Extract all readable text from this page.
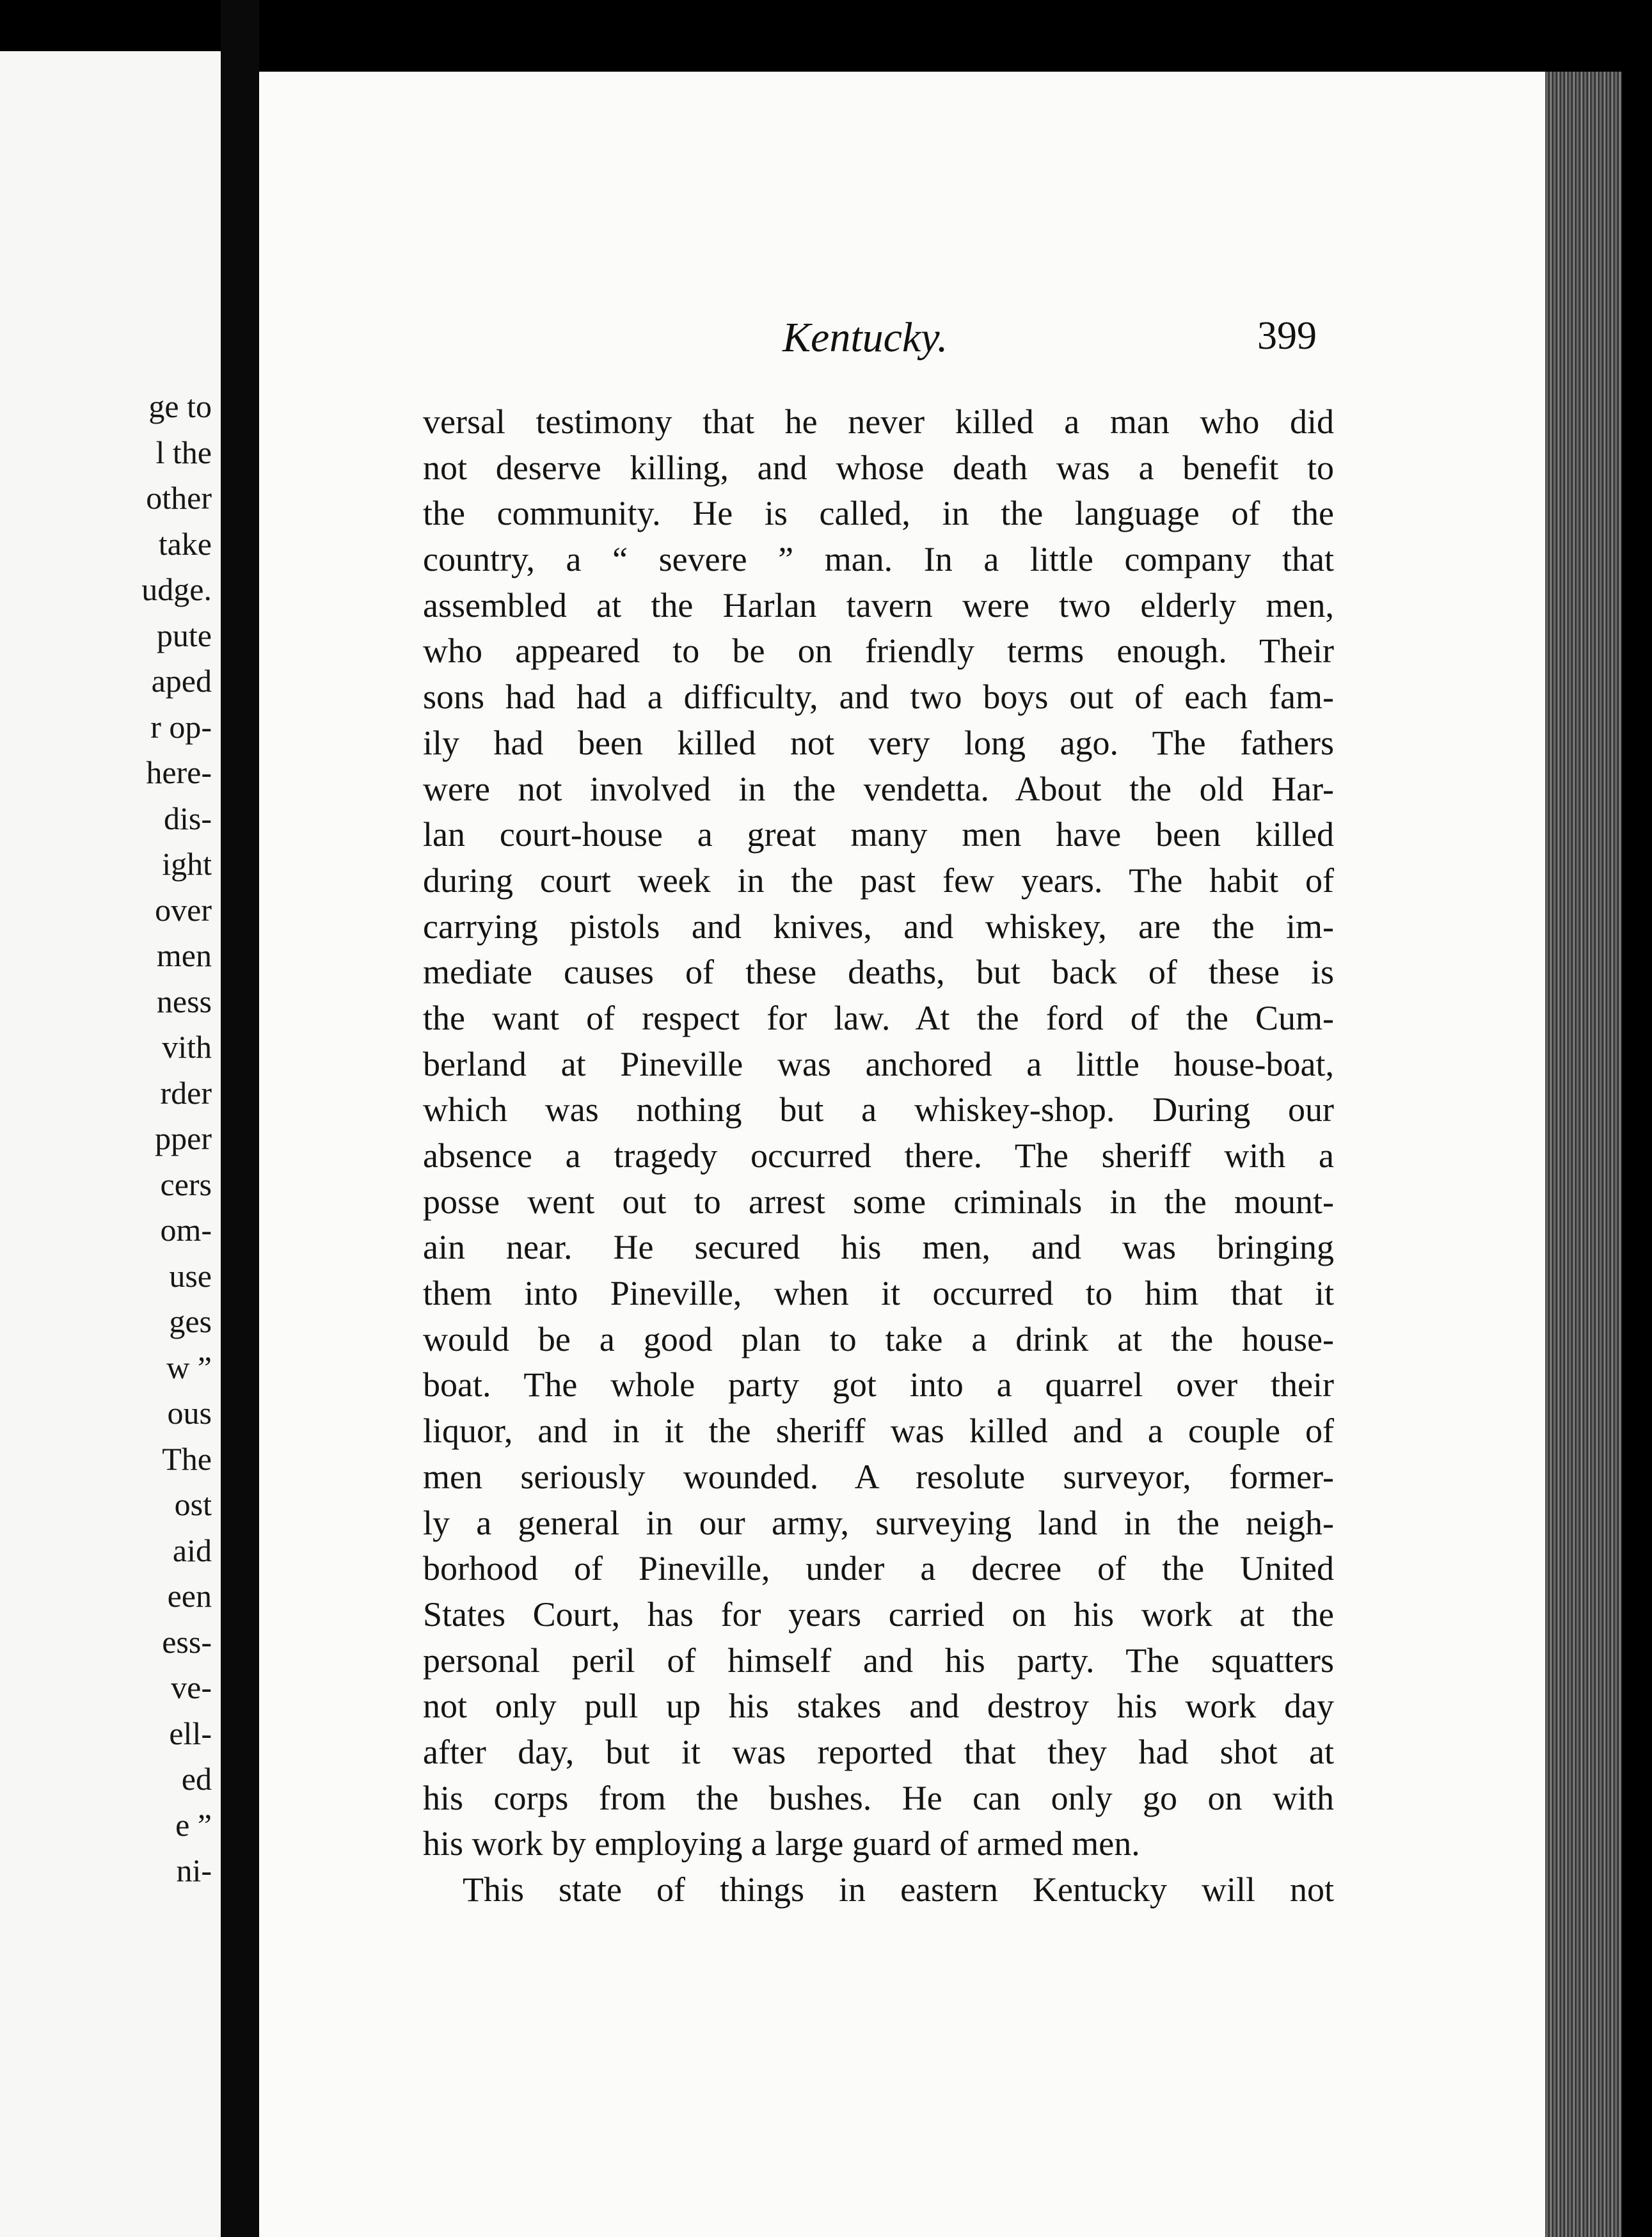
ge to
l the
other
take
udge.
pute
aped
r op-
here-
dis-
ight
over
men
ness
vith
rder
pper
cers
om-
use
ges
w ”
ous
The
ost
aid
een
ess-
ve-
ell-
ed
e ”
ni-
Kentucky.	399
versal testimony that he never killed a man who did
not deserve killing, and whose death was a benefit to
the community. He is called, in the language of the
country, a “ severe ” man. In a little company that
assembled at the Harlan tavern were two elderly men,
who appeared to be on friendly terms enough. Their
sons had had a difficulty, and two boys out of each fam-
ily had been killed not very long ago. The fathers
were not involved in the vendetta. About the old Har-
lan court-house a great many men have been killed
during court week in the past few years. The habit of
carrying pistols and knives, and whiskey, are the im-
mediate causes of these deaths, but back of these is
the want of respect for law. At the ford of the Cum-
berland at Pineville was anchored a little house-boat,
which was nothing but a whiskey-shop. During our
absence a tragedy occurred there. The sheriff with a
posse went out to arrest some criminals in the mount-
ain near. He secured his men, and was bringing
them into Pineville, when it occurred to him that it
would be a good plan to take a drink at the house-
boat. The whole party got into a quarrel over their
liquor, and in it the sheriff was killed and a couple of
men seriously wounded. A resolute surveyor, former-
ly a general in our army, surveying land in the neigh-
borhood of Pineville, under a decree of the United
States Court, has for years carried on his work at the
personal peril of himself and his party. The squatters
not only pull up his stakes and destroy his work day
after day, but it was reported that they had shot at
his corps from the bushes. He can only go on with
his work by employing a large guard of armed men.
This state of things in eastern Kentucky will not
